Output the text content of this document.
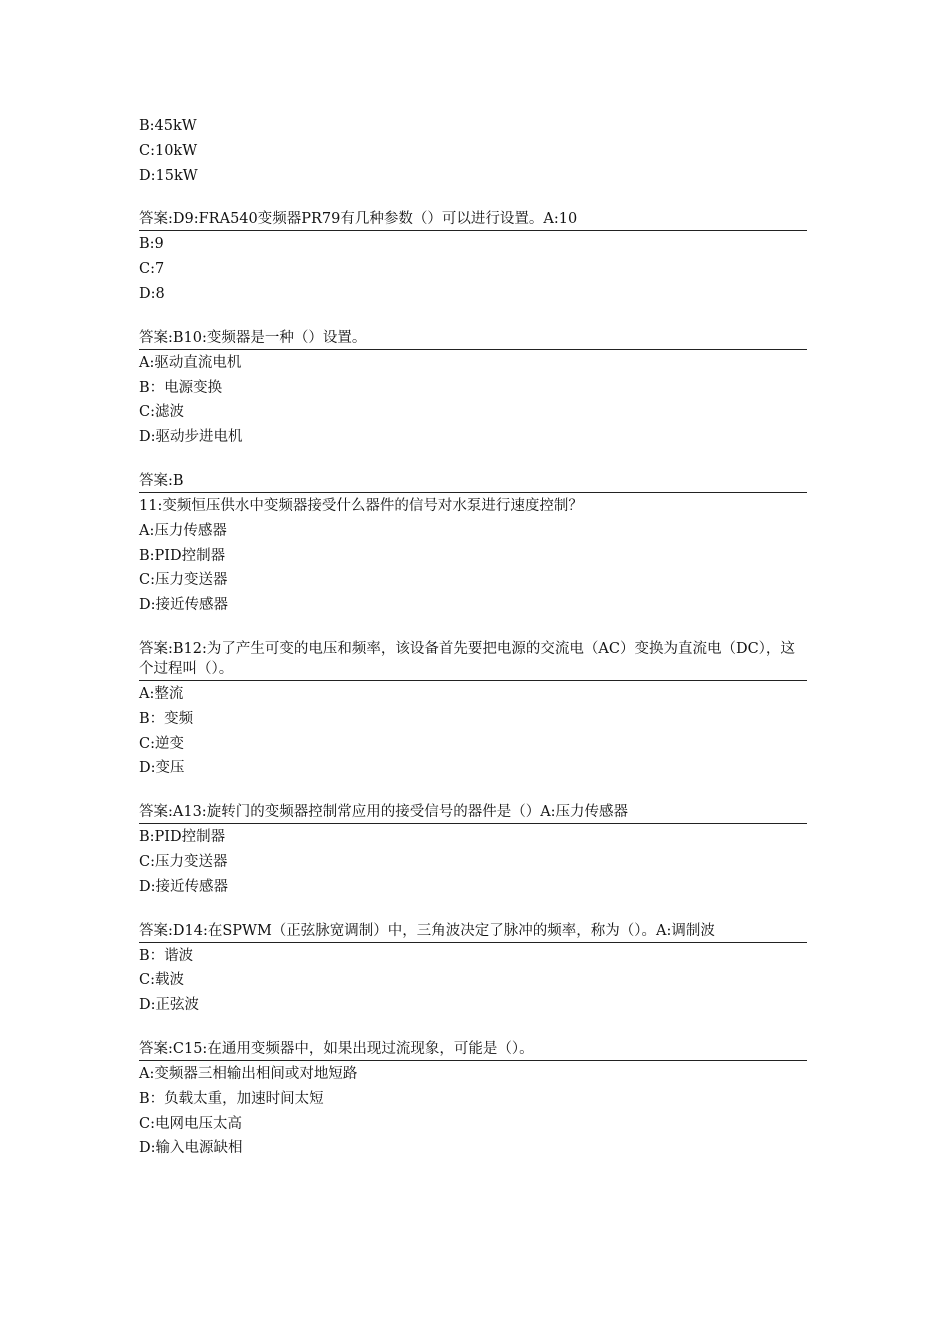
B:45kW
C:10kW
D:15kW
答案:D9:FRA540变频器PR79有几种参数（）可以进行设置。A:10
B:9
C:7
D:8
答案:B10:变频器是一种（）设置。
A:驱动直流电机
B：电源变换
C:滤波
D:驱动步进电机
答案:B
11:变频恒压供水中变频器接受什么器件的信号对水泵进行速度控制？
A:压力传感器
B:PID控制器
C:压力变送器
D:接近传感器
答案:B12:为了产生可变的电压和频率，该设备首先要把电源的交流电（AC）变换为直流电（DC），这个过程叫（）。
A:整流
B：变频
C:逆变
D:变压
答案:A13:旋转门的变频器控制常应用的接受信号的器件是（）A:压力传感器
B:PID控制器
C:压力变送器
D:接近传感器
答案:D14:在SPWM（正弦脉宽调制）中，三角波决定了脉冲的频率，称为（）。A:调制波
B：谐波
C:载波
D:正弦波
答案:C15:在通用变频器中，如果出现过流现象，可能是（）。
A:变频器三相输出相间或对地短路
B：负载太重，加速时间太短
C:电网电压太高
D:输入电源缺相
